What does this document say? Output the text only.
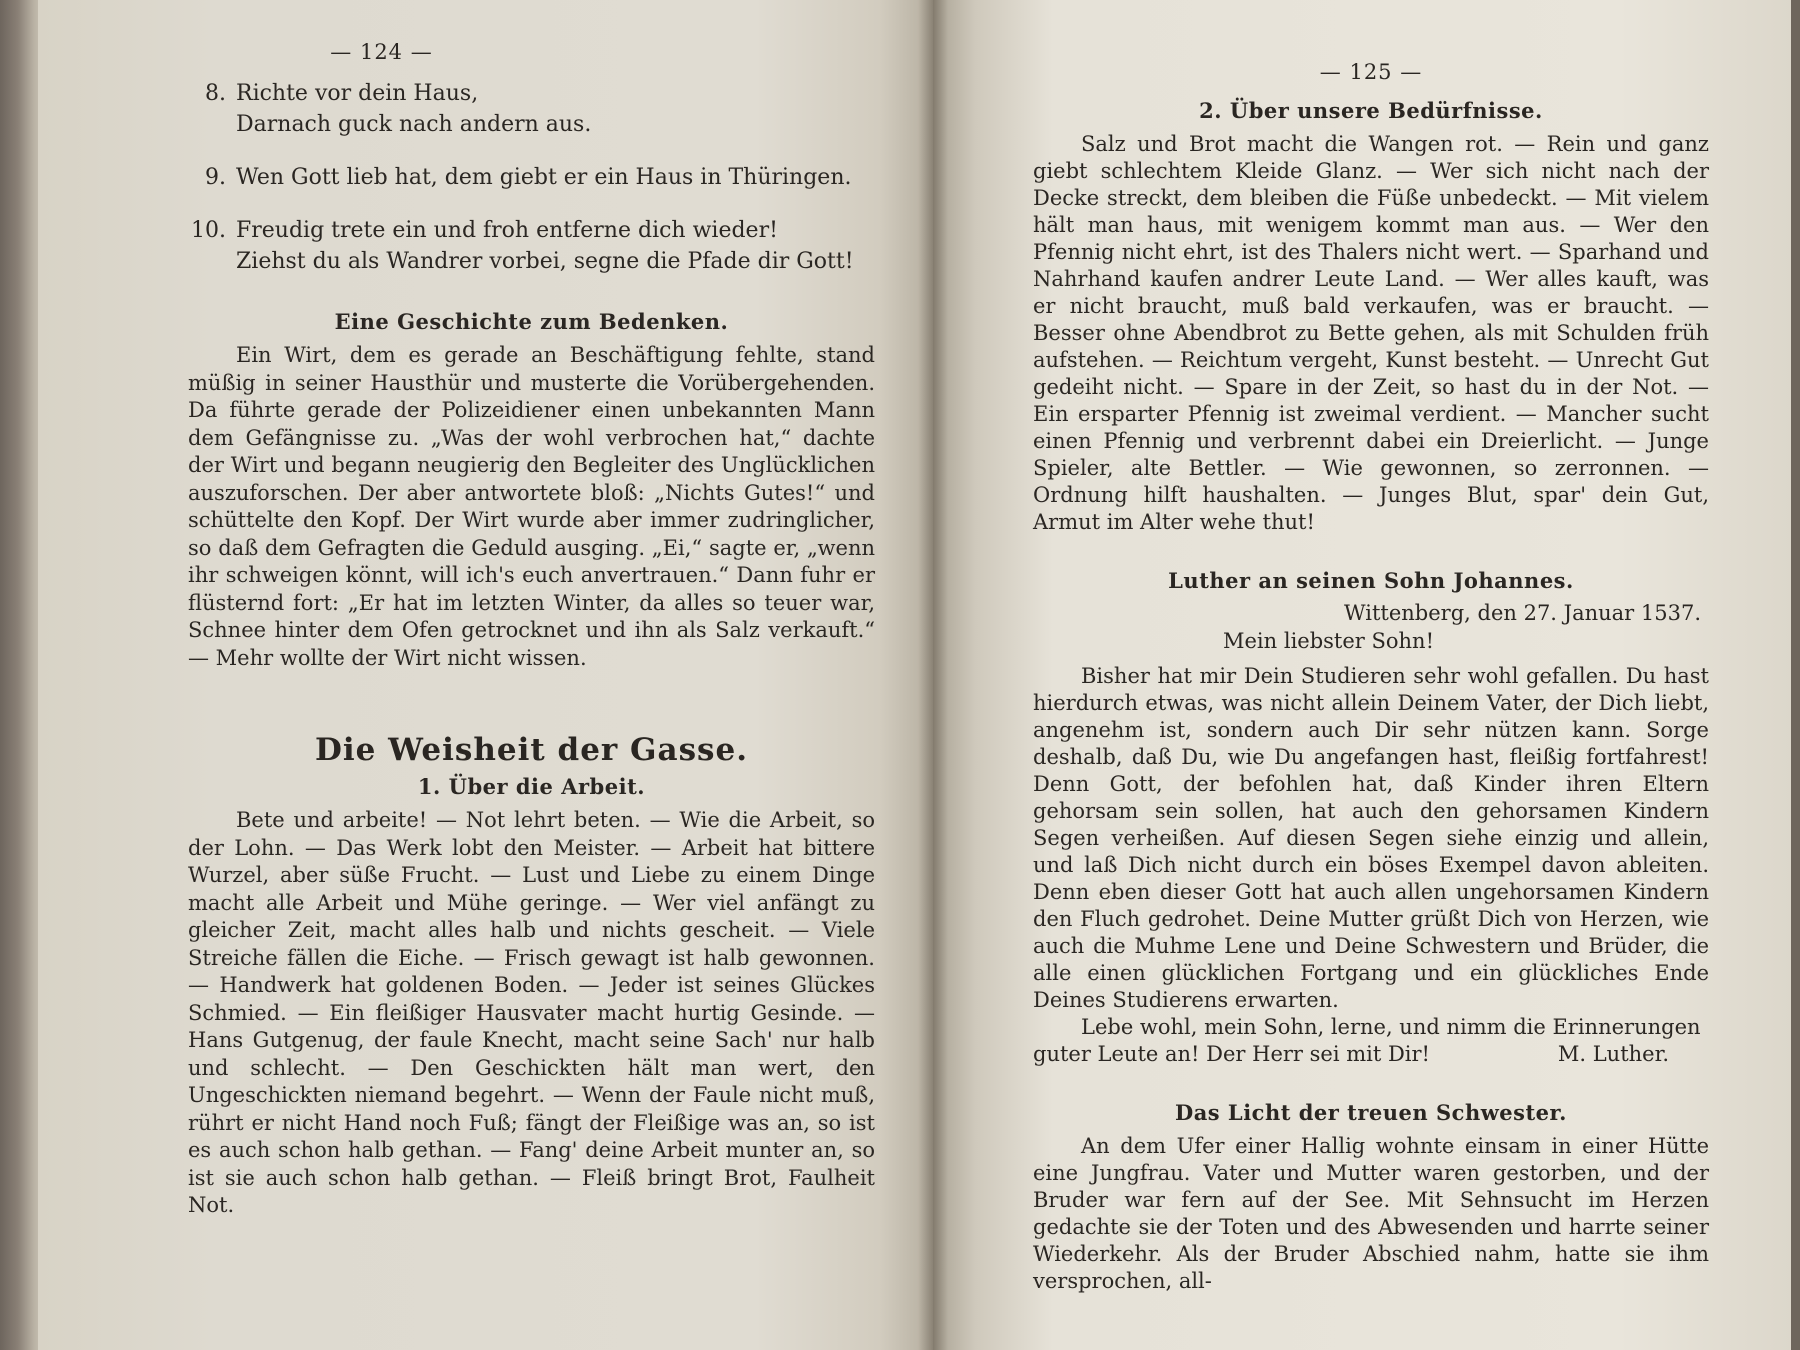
— 124 —
8. Richte vor dein Haus,
Darnach guck nach andern aus.
9. Wen Gott lieb hat, dem giebt er ein Haus in Thüringen.
10. Freudig trete ein und froh entferne dich wieder!
Ziehst du als Wandrer vorbei, segne die Pfade dir Gott!
Eine Geschichte zum Bedenken.

Ein Wirt, dem es gerade an Beschäftigung fehlte, stand müßig in seiner Hausthür und musterte die Vorübergehenden. Da führte gerade der Polizeidiener einen unbekannten Mann dem Gefängnisse zu. „Was der wohl verbrochen hat,“ dachte der Wirt und begann neugierig den Begleiter des Unglücklichen auszuforschen. Der aber antwortete bloß: „Nichts Gutes!“ und schüttelte den Kopf. Der Wirt wurde aber immer zudringlicher, so daß dem Gefragten die Geduld ausging. „Ei,“ sagte er, „wenn ihr schweigen könnt, will ich's euch anvertrauen.“ Dann fuhr er flüsternd fort: „Er hat im letzten Winter, da alles so teuer war, Schnee hinter dem Ofen getrocknet und ihn als Salz verkauft.“ — Mehr wollte der Wirt nicht wissen.

Die Weisheit der Gasse.
1. Über die Arbeit.

Bete und arbeite! — Not lehrt beten. — Wie die Arbeit, so der Lohn. — Das Werk lobt den Meister. — Arbeit hat bittere Wurzel, aber süße Frucht. — Lust und Liebe zu einem Dinge macht alle Arbeit und Mühe geringe. — Wer viel anfängt zu gleicher Zeit, macht alles halb und nichts gescheit. — Viele Streiche fällen die Eiche. — Frisch gewagt ist halb gewonnen. — Handwerk hat goldenen Boden. — Jeder ist seines Glückes Schmied. — Ein fleißiger Hausvater macht hurtig Gesinde. — Hans Gutgenug, der faule Knecht, macht seine Sach' nur halb und schlecht. — Den Geschickten hält man wert, den Ungeschickten niemand begehrt. — Wenn der Faule nicht muß, rührt er nicht Hand noch Fuß; fängt der Fleißige was an, so ist es auch schon halb gethan. — Fang' deine Arbeit munter an, so ist sie auch schon halb gethan. — Fleiß bringt Brot, Faulheit Not.

— 125 —
2. Über unsere Bedürfnisse.

Salz und Brot macht die Wangen rot. — Rein und ganz giebt schlechtem Kleide Glanz. — Wer sich nicht nach der Decke streckt, dem bleiben die Füße unbedeckt. — Mit vielem hält man haus, mit wenigem kommt man aus. — Wer den Pfennig nicht ehrt, ist des Thalers nicht wert. — Sparhand und Nahrhand kaufen andrer Leute Land. — Wer alles kauft, was er nicht braucht, muß bald verkaufen, was er braucht. — Besser ohne Abendbrot zu Bette gehen, als mit Schulden früh aufstehen. — Reichtum vergeht, Kunst besteht. — Unrecht Gut gedeiht nicht. — Spare in der Zeit, so hast du in der Not. — Ein ersparter Pfennig ist zweimal verdient. — Mancher sucht einen Pfennig und verbrennt dabei ein Dreierlicht. — Junge Spieler, alte Bettler. — Wie gewonnen, so zerronnen. — Ordnung hilft haushalten. — Junges Blut, spar' dein Gut, Armut im Alter wehe thut!

Luther an seinen Sohn Johannes.
Wittenberg, den 27. Januar 1537.
Mein liebster Sohn!

Bisher hat mir Dein Studieren sehr wohl gefallen. Du hast hierdurch etwas, was nicht allein Deinem Vater, der Dich liebt, angenehm ist, sondern auch Dir sehr nützen kann. Sorge deshalb, daß Du, wie Du angefangen hast, fleißig fortfahrest! Denn Gott, der befohlen hat, daß Kinder ihren Eltern gehorsam sein sollen, hat auch den gehorsamen Kindern Segen verheißen. Auf diesen Segen siehe einzig und allein, und laß Dich nicht durch ein böses Exempel davon ableiten. Denn eben dieser Gott hat auch allen ungehorsamen Kindern den Fluch gedrohet. Deine Mutter grüßt Dich von Herzen, wie auch die Muhme Lene und Deine Schwestern und Brüder, die alle einen glücklichen Fortgang und ein glückliches Ende Deines Studierens erwarten.

Lebe wohl, mein Sohn, lerne, und nimm die Erinnerungen

guter Leute an! Der Herr sei mit Dir!	M. Luther.
Das Licht der treuen Schwester.

An dem Ufer einer Hallig wohnte einsam in einer Hütte eine Jungfrau. Vater und Mutter waren gestorben, und der Bruder war fern auf der See. Mit Sehnsucht im Herzen gedachte sie der Toten und des Abwesenden und harrte seiner Wiederkehr. Als der Bruder Abschied nahm, hatte sie ihm versprochen, all-
